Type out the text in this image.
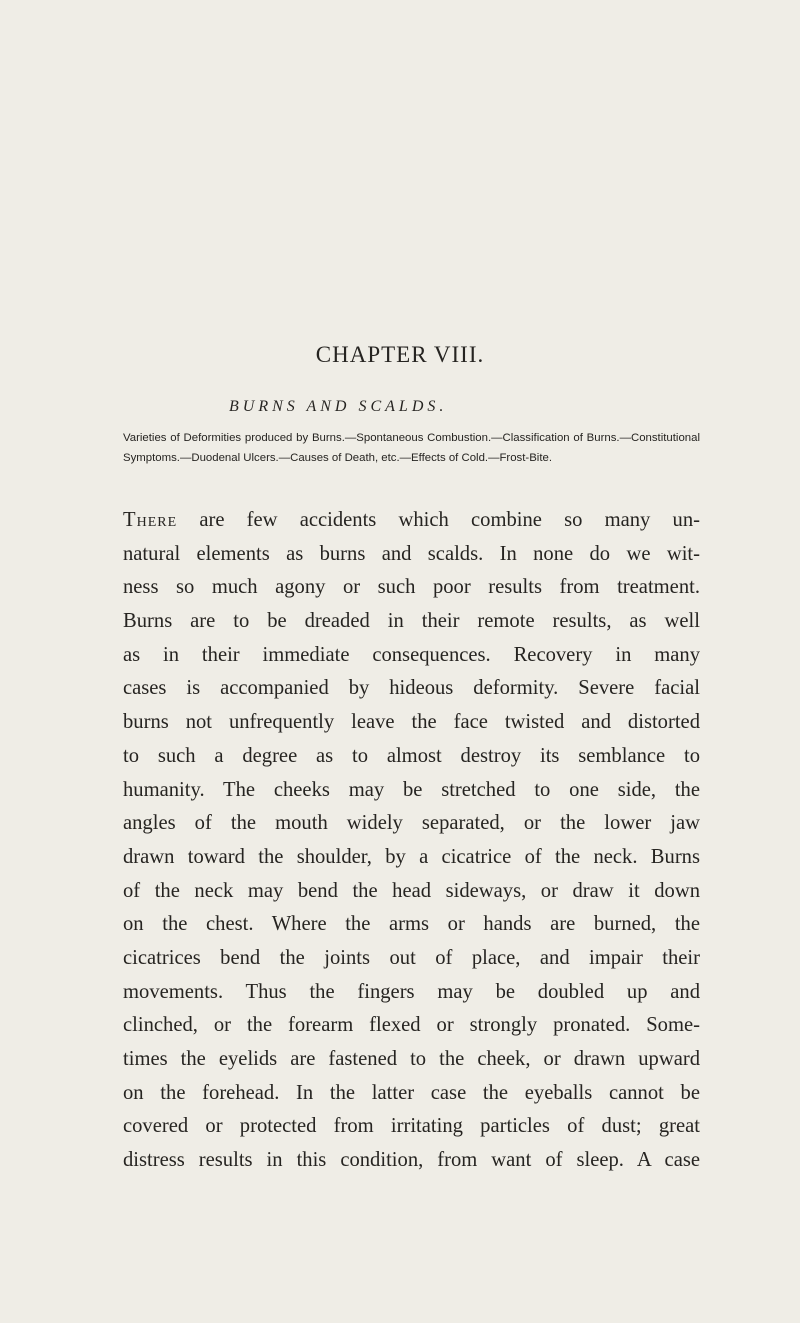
CHAPTER VIII.
BURNS AND SCALDS.
Varieties of Deformities produced by Burns.—Spontaneous Combustion.—Classification of Burns.—Constitutional Symptoms.—Duodenal Ulcers.—Causes of Death, etc.—Effects of Cold.—Frost-Bite.
There are few accidents which combine so many un-
natural elements as burns and scalds. In none do we wit-
ness so much agony or such poor results from treatment.
Burns are to be dreaded in their remote results, as well
as in their immediate consequences. Recovery in many
cases is accompanied by hideous deformity. Severe facial
burns not unfrequently leave the face twisted and distorted
to such a degree as to almost destroy its semblance to
humanity. The cheeks may be stretched to one side, the
angles of the mouth widely separated, or the lower jaw
drawn toward the shoulder, by a cicatrice of the neck. Burns
of the neck may bend the head sideways, or draw it down
on the chest. Where the arms or hands are burned, the
cicatrices bend the joints out of place, and impair their
movements. Thus the fingers may be doubled up and
clinched, or the forearm flexed or strongly pronated. Some-
times the eyelids are fastened to the cheek, or drawn upward
on the forehead. In the latter case the eyeballs cannot be
covered or protected from irritating particles of dust; great
distress results in this condition, from want of sleep. A case
